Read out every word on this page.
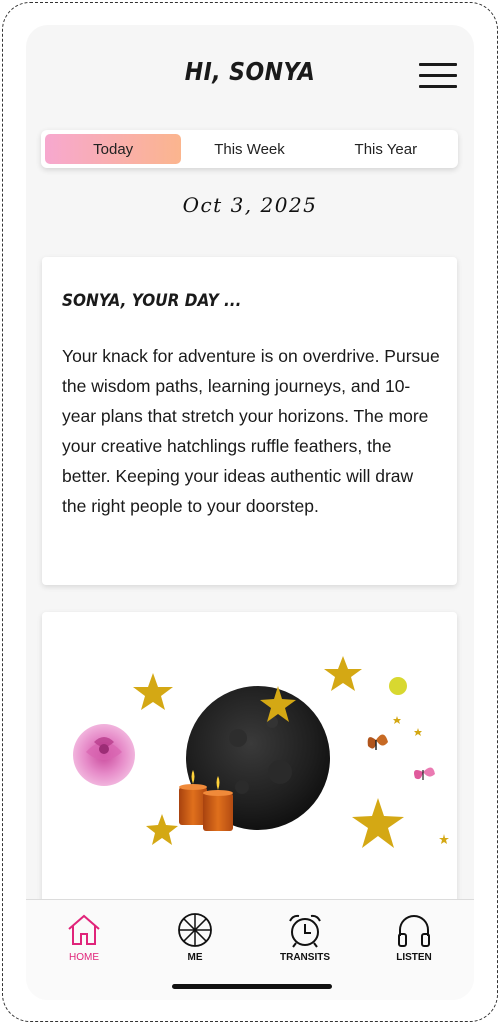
HI, SONYA
Today	This Week	This Year
Oct 3, 2025
SONYA, YOUR DAY ...

Your knack for adventure is on overdrive. Pursue the wisdom paths, learning journeys, and 10-year plans that stretch your horizons. The more your creative hatchlings ruffle feathers, the better. Keeping your ideas authentic will draw the right people to your doorstep.

HOME	ME	TRANSITS	LISTEN
